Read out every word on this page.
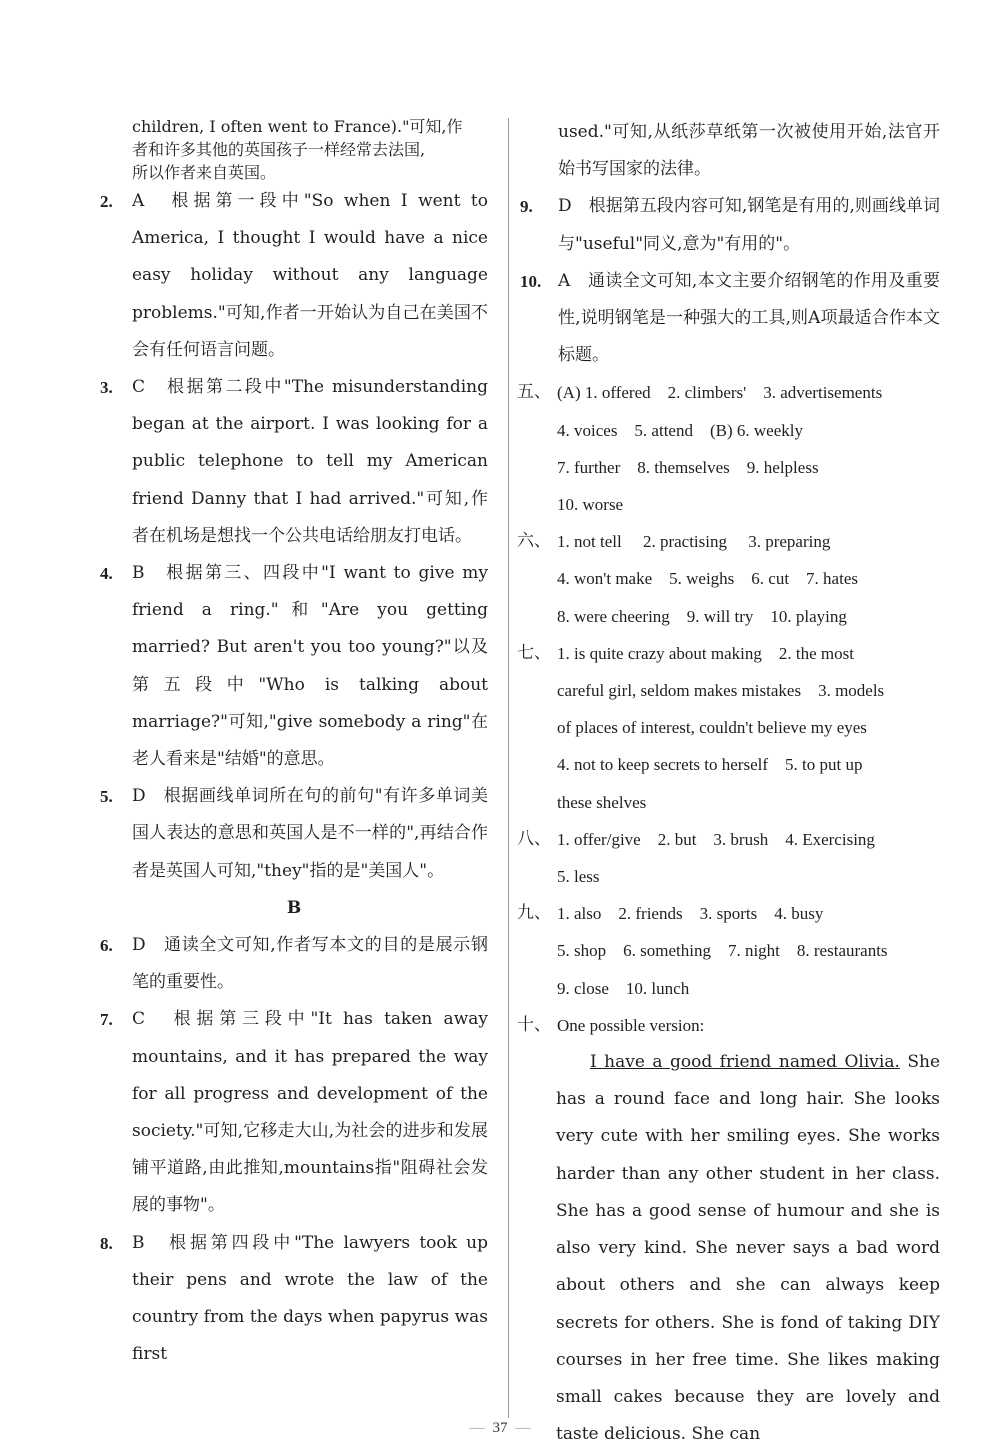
children, I often went to France)."可知,作
者和许多其他的英国孩子一样经常去法国,
所以作者来自英国。
2.	A　根据第一段中"So when I went to America, I thought I would have a nice easy holiday without any language problems."可知,作者一开始认为自己在美国不会有任何语言问题。
3.	C　根据第二段中"The misunderstanding began at the airport. I was looking for a public telephone to tell my American friend Danny that I had arrived."可知,作者在机场是想找一个公共电话给朋友打电话。
4.	B　根据第三、四段中"I want to give my friend a ring."和"Are you getting married? But aren't you too young?"以及第五段中"Who is talking about marriage?"可知,"give somebody a ring"在老人看来是"结婚"的意思。
5.	D　根据画线单词所在句的前句"有许多单词美国人表达的意思和英国人是不一样的",再结合作者是英国人可知,"they"指的是"美国人"。
B
6.	D　通读全文可知,作者写本文的目的是展示钢笔的重要性。
7.	C　根据第三段中"It has taken away mountains, and it has prepared the way for all progress and development of the society."可知,它移走大山,为社会的进步和发展铺平道路,由此推知,mountains指"阻碍社会发展的事物"。
8.	B　根据第四段中"The lawyers took up their pens and wrote the law of the country from the days when papyrus was first
used."可知,从纸莎草纸第一次被使用开始,法官开始书写国家的法律。
9.	D　根据第五段内容可知,钢笔是有用的,则画线单词与"useful"同义,意为"有用的"。
10. A　通读全文可知,本文主要介绍钢笔的作用及重要性,说明钢笔是一种强大的工具,则A项最适合作本文标题。
五、 (A) 1. offered　2. climbers'　3. advertisements
4. voices　5. attend　(B) 6. weekly
7. further　8. themselves　9. helpless
10. worse
六、 1. not tell　 2. practising　 3. preparing
4. won't make　5. weighs　6. cut　7. hates
8. were cheering　9. will try　10. playing
七、 1. is quite crazy about making　2. the most
careful girl, seldom makes mistakes　3. models
of places of interest, couldn't believe my eyes
4. not to keep secrets to herself　5. to put up
these shelves
八、 1. offer/give　2. but　3. brush　4. Exercising
5. less
九、 1. also　2. friends　3. sports　4. busy
5. shop　6. something　7. night　8. restaurants
9. close　10. lunch
十、 One possible version:
I have a good friend named Olivia. She has a round face and long hair. She looks very cute with her smiling eyes. She works harder than any other student in her class. She has a good sense of humour and she is also very kind. She never says a bad word about others and she can always keep secrets for others. She is fond of taking DIY courses in her free time. She likes making small cakes because they are lovely and taste delicious. She can
— 37 —
